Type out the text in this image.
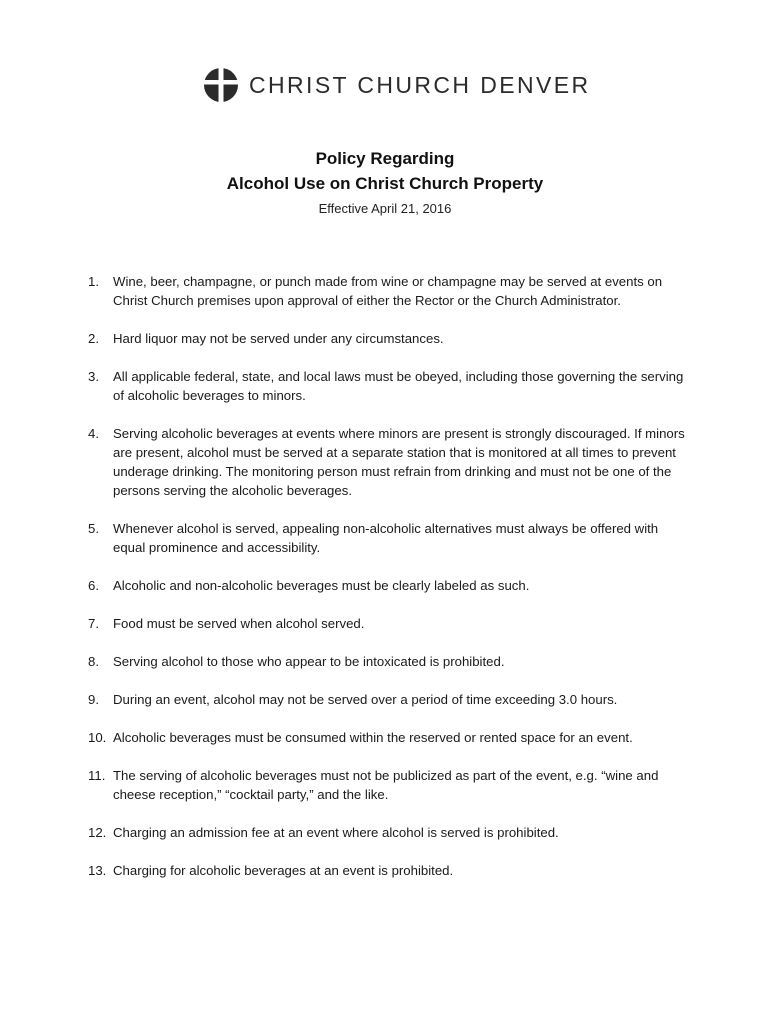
CHRIST CHURCH DENVER
Policy Regarding
Alcohol Use on Christ Church Property
Effective April 21, 2016
1. Wine, beer, champagne, or punch made from wine or champagne may be served at events on Christ Church premises upon approval of either the Rector or the Church Administrator.
2. Hard liquor may not be served under any circumstances.
3. All applicable federal, state, and local laws must be obeyed, including those governing the serving of alcoholic beverages to minors.
4. Serving alcoholic beverages at events where minors are present is strongly discouraged. If minors are present, alcohol must be served at a separate station that is monitored at all times to prevent underage drinking. The monitoring person must refrain from drinking and must not be one of the persons serving the alcoholic beverages.
5. Whenever alcohol is served, appealing non-alcoholic alternatives must always be offered with equal prominence and accessibility.
6. Alcoholic and non-alcoholic beverages must be clearly labeled as such.
7. Food must be served when alcohol served.
8. Serving alcohol to those who appear to be intoxicated is prohibited.
9. During an event, alcohol may not be served over a period of time exceeding 3.0 hours.
10. Alcoholic beverages must be consumed within the reserved or rented space for an event.
11. The serving of alcoholic beverages must not be publicized as part of the event, e.g. “wine and cheese reception,” “cocktail party,” and the like.
12. Charging an admission fee at an event where alcohol is served is prohibited.
13. Charging for alcoholic beverages at an event is prohibited.
